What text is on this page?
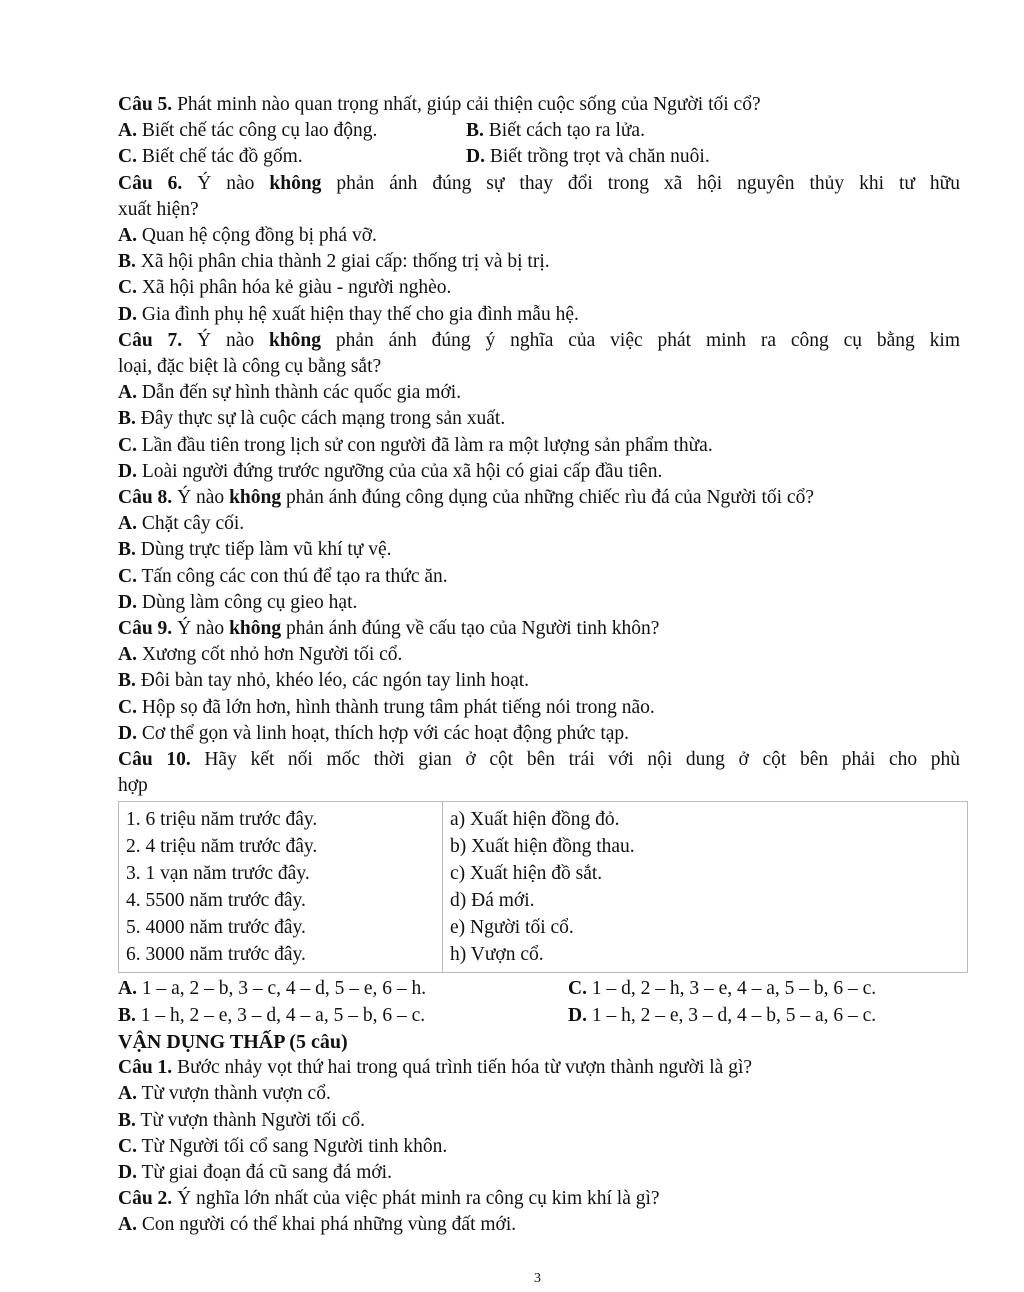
Câu 5. Phát minh nào quan trọng nhất, giúp cải thiện cuộc sống của Người tối cổ?
A. Biết chế tác công cụ lao động.	B. Biết cách tạo ra lửa.
C. Biết chế tác đồ gốm.	D. Biết trồng trọt và chăn nuôi.
Câu 6. Ý nào không phản ánh đúng sự thay đổi trong xã hội nguyên thủy khi tư hữu
xuất hiện?
A. Quan hệ cộng đồng bị phá vỡ.
B. Xã hội phân chia thành 2 giai cấp: thống trị và bị trị.
C. Xã hội phân hóa kẻ giàu - người nghèo.
D. Gia đình phụ hệ xuất hiện thay thế cho gia đình mẫu hệ.
Câu 7. Ý nào không phản ánh đúng ý nghĩa của việc phát minh ra công cụ bằng kim
loại, đặc biệt là công cụ bằng sắt?
A. Dẫn đến sự hình thành các quốc gia mới.
B. Đây thực sự là cuộc cách mạng trong sản xuất.
C. Lần đầu tiên trong lịch sử con người đã làm ra một lượng sản phẩm thừa.
D. Loài người đứng trước ngưỡng của của xã hội có giai cấp đầu tiên.
Câu 8. Ý nào không phản ánh đúng công dụng của những chiếc rìu đá của Người tối cổ?
A. Chặt cây cối.
B. Dùng trực tiếp làm vũ khí tự vệ.
C. Tấn công các con thú để tạo ra thức ăn.
D. Dùng làm công cụ gieo hạt.
Câu 9. Ý nào không phản ánh đúng về cấu tạo của Người tinh khôn?
A. Xương cốt nhỏ hơn Người tối cổ.
B. Đôi bàn tay nhỏ, khéo léo, các ngón tay linh hoạt.
C. Hộp sọ đã lớn hơn, hình thành trung tâm phát tiếng nói trong não.
D. Cơ thể gọn và linh hoạt, thích hợp với các hoạt động phức tạp.
Câu 10. Hãy kết nối mốc thời gian ở cột bên trái với nội dung ở cột bên phải cho phù
hợp
1. 6 triệu năm trước đây.	a) Xuất hiện đồng đỏ.
2. 4 triệu năm trước đây.	b) Xuất hiện đồng thau.
3. 1 vạn năm trước đây.	c) Xuất hiện đồ sắt.
4. 5500 năm trước đây.	d) Đá mới.
5. 4000 năm trước đây.	e) Người tối cổ.
6. 3000 năm trước đây.	h) Vượn cổ.
A. 1 – a, 2 – b, 3 – c, 4 – d, 5 – e, 6 – h.	C. 1 – d, 2 – h, 3 – e, 4 – a, 5 – b, 6 – c.
B. 1 – h, 2 – e, 3 – d, 4 – a, 5 – b, 6 – c.	D. 1 – h, 2 – e, 3 – d, 4 – b, 5 – a, 6 – c.
VẬN DỤNG THẤP (5 câu)
Câu 1. Bước nhảy vọt thứ hai trong quá trình tiến hóa từ vượn thành người là gì?
A. Từ vượn thành vượn cổ.
B. Từ vượn thành Người tối cổ.
C. Từ Người tối cổ sang Người tinh khôn.
D. Từ giai đoạn đá cũ sang đá mới.
Câu 2. Ý nghĩa lớn nhất của việc phát minh ra công cụ kim khí là gì?
A. Con người có thể khai phá những vùng đất mới.
3
